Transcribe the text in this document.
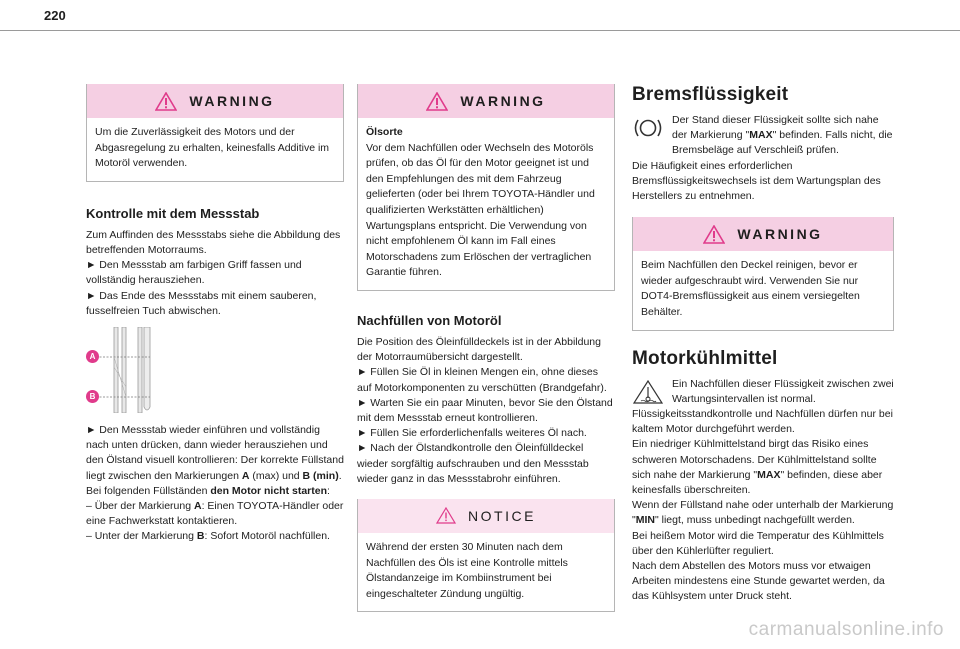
220
WARNING
Um die Zuverlässigkeit des Motors und der Abgasregelung zu erhalten, keinesfalls Additive im Motoröl verwenden.
Kontrolle mit dem Messstab

Zum Auffinden des Messstabs siehe die Abbildung des betreffenden Motorraums.

► Den Messstab am farbigen Griff fassen und vollständig herausziehen.

► Das Ende des Messstabs mit einem sauberen, fusselfreien Tuch abwischen.

A
B

► Den Messstab wieder einführen und vollständig nach unten drücken, dann wieder herausziehen und den Ölstand visuell kontrollieren: Der korrekte Füllstand liegt zwischen den Markierungen A (max) und B (min).

Bei folgenden Füllständen den Motor nicht starten:

– Über der Markierung A: Einen TOYOTA-Händler oder eine Fachwerkstatt kontaktieren.

– Unter der Markierung B: Sofort Motoröl nachfüllen.

WARNING
Ölsorte
Vor dem Nachfüllen oder Wechseln des Motoröls prüfen, ob das Öl für den Motor geeignet ist und den Empfehlungen des mit dem Fahrzeug gelieferten (oder bei Ihrem TOYOTA-Händler und qualifizierten Werkstätten erhältlichen) Wartungsplans entspricht. Die Verwendung von nicht empfohlenem Öl kann im Fall eines Motorschadens zum Erlöschen der vertraglichen Garantie führen.
Nachfüllen von Motoröl

Die Position des Öleinfülldeckels ist in der Abbildung der Motorraumübersicht dargestellt.

► Füllen Sie Öl in kleinen Mengen ein, ohne dieses auf Motorkomponenten zu verschütten (Brandgefahr).

► Warten Sie ein paar Minuten, bevor Sie den Ölstand mit dem Messstab erneut kontrollieren.

► Füllen Sie erforderlichenfalls weiteres Öl nach.

► Nach der Ölstandkontrolle den Öleinfülldeckel wieder sorgfältig aufschrauben und den Messstab wieder ganz in das Messstabrohr einführen.

NOTICE
Während der ersten 30 Minuten nach dem Nachfüllen des Öls ist eine Kontrolle mittels Ölstandanzeige im Kombiinstrument bei eingeschalteter Zündung ungültig.
Bremsflüssigkeit

Der Stand dieser Flüssigkeit sollte sich nahe der Markierung "MAX" befinden. Falls nicht, die Bremsbeläge auf Verschleiß prüfen.

Die Häufigkeit eines erforderlichen Bremsflüssigkeitswechsels ist dem Wartungsplan des Herstellers zu entnehmen.

WARNING
Beim Nachfüllen den Deckel reinigen, bevor er wieder aufgeschraubt wird. Verwenden Sie nur DOT4-Bremsflüssigkeit aus einem versiegelten Behälter.
Motorkühlmittel

Ein Nachfüllen dieser Flüssigkeit zwischen zwei Wartungsintervallen ist normal.

Flüssigkeitsstandkontrolle und Nachfüllen dürfen nur bei kaltem Motor durchgeführt werden.

Ein niedriger Kühlmittelstand birgt das Risiko eines schweren Motorschadens. Der Kühlmittelstand sollte sich nahe der Markierung "MAX" befinden, diese aber keinesfalls überschreiten.

Wenn der Füllstand nahe oder unterhalb der Markierung "MIN" liegt, muss unbedingt nachgefüllt werden.

Bei heißem Motor wird die Temperatur des Kühlmittels über den Kühlerlüfter reguliert.

Nach dem Abstellen des Motors muss vor etwaigen Arbeiten mindestens eine Stunde gewartet werden, da das Kühlsystem unter Druck steht.

carmanualsonline.info
